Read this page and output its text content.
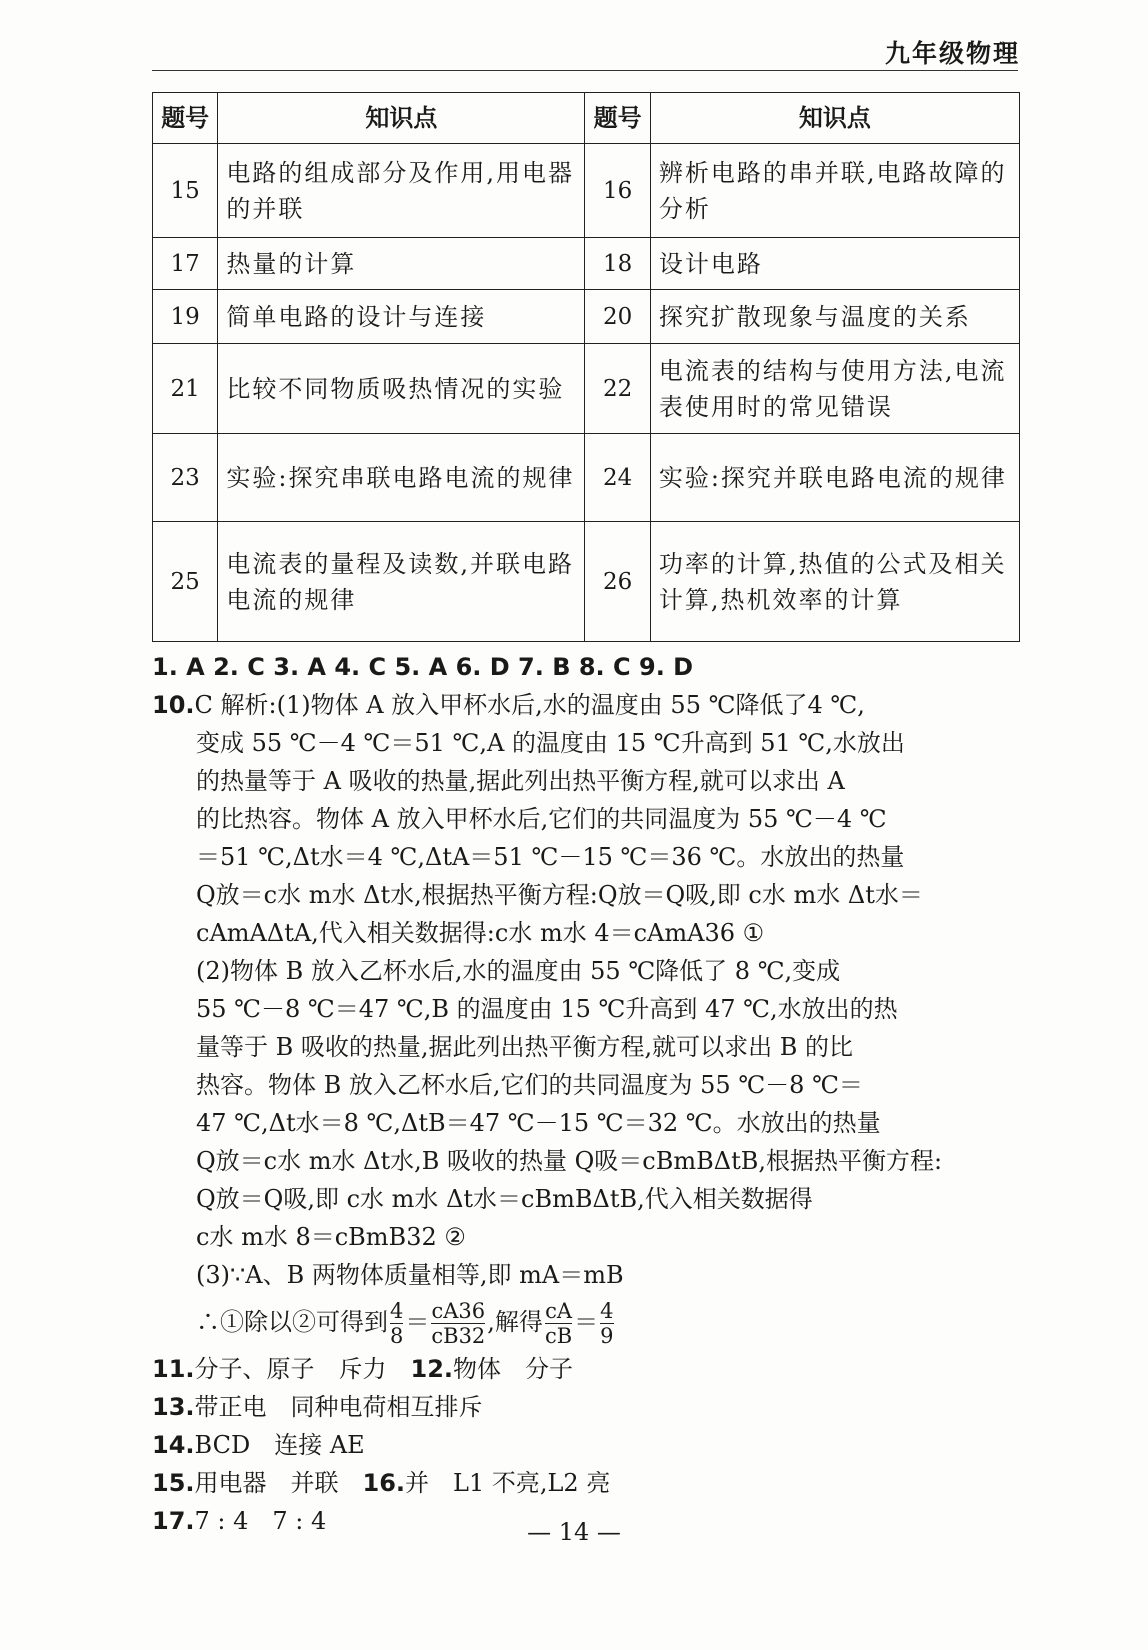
九年级物理
题号	知识点	题号	知识点
15	电路的组成部分及作用,用电器的并联	16	辨析电路的串并联,电路故障的分析
17	热量的计算	18	设计电路
19	简单电路的设计与连接	20	探究扩散现象与温度的关系
21	比较不同物质吸热情况的实验	22	电流表的结构与使用方法,电流表使用时的常见错误
23	实验:探究串联电路电流的规律	24	实验:探究并联电路电流的规律
25	电流表的量程及读数,并联电路电流的规律	26	功率的计算,热值的公式及相关计算,热机效率的计算

1. A 2. C 3. A 4. C 5. A 6. D 7. B 8. C 9. D

10.C 解析:(1)物体 A 放入甲杯水后,水的温度由 55 ℃降低了4 ℃,

变成 55 ℃－4 ℃＝51 ℃,A 的温度由 15 ℃升高到 51 ℃,水放出

的热量等于 A 吸收的热量,据此列出热平衡方程,就可以求出 A

的比热容。物体 A 放入甲杯水后,它们的共同温度为 55 ℃－4 ℃

＝51 ℃,Δt水＝4 ℃,ΔtA＝51 ℃－15 ℃＝36 ℃。水放出的热量

Q放＝c水 m水 Δt水,根据热平衡方程:Q放＝Q吸,即 c水 m水 Δt水＝

cAmAΔtA,代入相关数据得:c水 m水 4＝cAmA36 ①

(2)物体 B 放入乙杯水后,水的温度由 55 ℃降低了 8 ℃,变成

55 ℃－8 ℃＝47 ℃,B 的温度由 15 ℃升高到 47 ℃,水放出的热

量等于 B 吸收的热量,据此列出热平衡方程,就可以求出 B 的比

热容。物体 B 放入乙杯水后,它们的共同温度为 55 ℃－8 ℃＝

47 ℃,Δt水＝8 ℃,ΔtB＝47 ℃－15 ℃＝32 ℃。水放出的热量

Q放＝c水 m水 Δt水,B 吸收的热量 Q吸＝cBmBΔtB,根据热平衡方程:

Q放＝Q吸,即 c水 m水 Δt水＝cBmBΔtB,代入相关数据得

c水 m水 8＝cBmB32 ②

(3)∵A、B 两物体质量相等,即 mA＝mB

∴①除以②可得到 $\frac{4}{8} = \frac{cA36}{cB32}$ ,解得 $\frac{cA}{cB} = \frac{4}{9}$

11.分子、原子　斥力 12.物体　分子

13.带正电　同种电荷相互排斥

14.BCD　连接 AE

15.用电器　并联 16.并　L1 不亮,L2 亮

17.7 : 4　7 : 4	— 14 —
